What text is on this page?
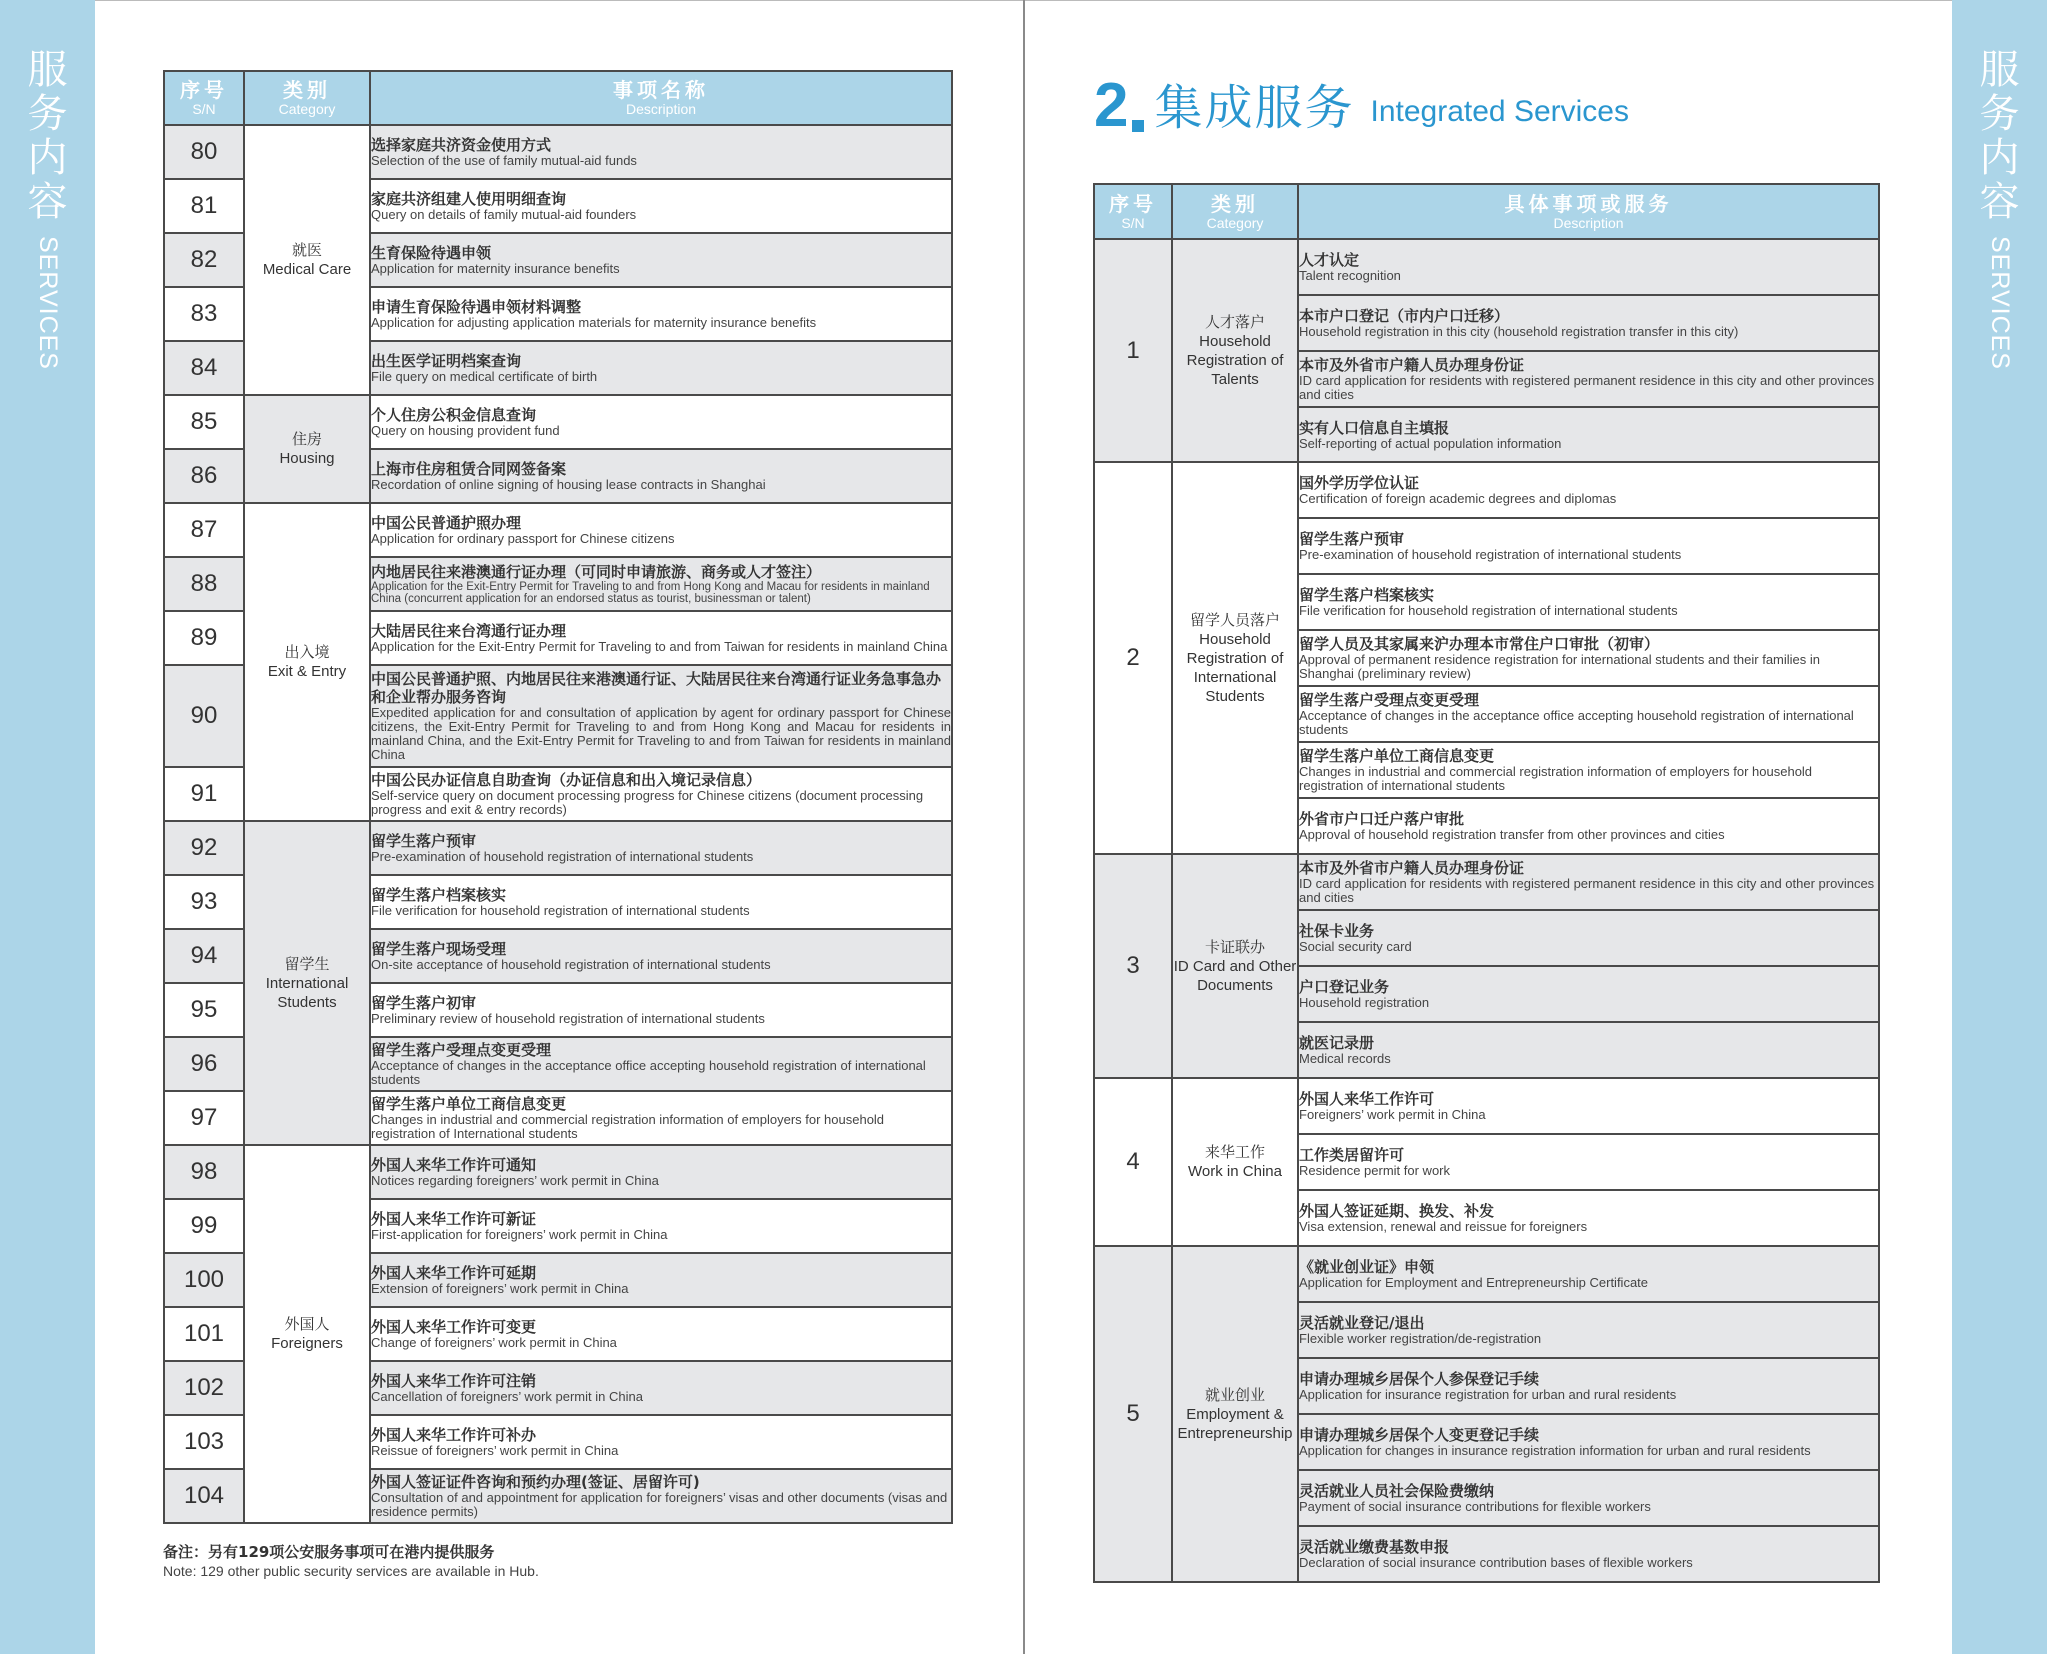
服
务
内
容
SERVICES
服
务
内
容
SERVICES
序号
S/N	类别
Category	事项名称
Description

80	就医
Medical Care	选择家庭共济资金使用方式
Selection of the use of family mutual-aid funds

81		家庭共济组建人使用明细查询
Query on details of family mutual-aid founders

82		生育保险待遇申领
Application for maternity insurance benefits

83		申请生育保险待遇申领材料调整
Application for adjusting application materials for maternity insurance benefits

84		出生医学证明档案查询
File query on medical certificate of birth

85	住房
Housing	个人住房公积金信息查询
Query on housing provident fund

86		上海市住房租赁合同网签备案
Recordation of online signing of housing lease contracts in Shanghai

87	出入境
Exit & Entry	中国公民普通护照办理
Application for ordinary passport for Chinese citizens

88		内地居民往来港澳通行证办理（可同时申请旅游、商务或人才签注）
Application for the Exit-Entry Permit for Traveling to and from Hong Kong and Macau for residents in mainland China (concurrent application for an endorsed status as tourist, businessman or talent)

89		大陆居民往来台湾通行证办理
Application for the Exit-Entry Permit for Traveling to and from Taiwan for residents in mainland China

90		中国公民普通护照、内地居民往来港澳通行证、大陆居民往来台湾通行证业务急事急办和企业帮办服务咨询
Expedited application for and consultation of application by agent for ordinary passport for Chinese citizens, the Exit-Entry Permit for Traveling to and from Hong Kong and Macau for residents in mainland China, and the Exit-Entry Permit for Traveling to and from Taiwan for residents in mainland China

91		中国公民办证信息自助查询（办证信息和出入境记录信息）
Self-service query on document processing progress for Chinese citizens (document processing progress and exit & entry records)

92	留学生
International Students	留学生落户预审
Pre-examination of household registration of international students

93		留学生落户档案核实
File verification for household registration of international students

94		留学生落户现场受理
On-site acceptance of household registration of international students

95		留学生落户初审
Preliminary review of household registration of international students

96		留学生落户受理点变更受理
Acceptance of changes in the acceptance office accepting household registration of international students

97		留学生落户单位工商信息变更
Changes in industrial and commercial registration information of employers for household registration of International students

98	外国人
Foreigners	外国人来华工作许可通知
Notices regarding foreigners’ work permit in China

99		外国人来华工作许可新证
First-application for foreigners’ work permit in China

100		外国人来华工作许可延期
Extension of foreigners’ work permit in China

101		外国人来华工作许可变更
Change of foreigners’ work permit in China

102		外国人来华工作许可注销
Cancellation of foreigners’ work permit in China

103		外国人来华工作许可补办
Reissue of foreigners’ work permit in China

104		外国人签证证件咨询和预约办理(签证、居留许可)
Consultation of and appointment for application for foreigners’ visas and other documents (visas and residence permits)
备注：另有129项公安服务事项可在港内提供服务
Note: 129 other public security services are available in Hub.
2 集成服务 Integrated Services
序号
S/N	类别
Category	具体事项或服务
Description

1	人才落户
Household Registration of Talents	人才认定
Talent recognition

		本市户口登记（市内户口迁移）
Household registration in this city (household registration transfer in this city)

		本市及外省市户籍人员办理身份证
ID card application for residents with registered permanent residence in this city and other provinces and cities

		实有人口信息自主填报
Self-reporting of actual population information

2	留学人员落户
Household Registration of International Students	国外学历学位认证
Certification of foreign academic degrees and diplomas

		留学生落户预审
Pre-examination of household registration of international students

		留学生落户档案核实
File verification for household registration of international students

		留学人员及其家属来沪办理本市常住户口审批（初审）
Approval of permanent residence registration for international students and their families in Shanghai (preliminary review)

		留学生落户受理点变更受理
Acceptance of changes in the acceptance office accepting household registration of international students

		留学生落户单位工商信息变更
Changes in industrial and commercial registration information of employers for household registration of international students

		外省市户口迁户落户审批
Approval of household registration transfer from other provinces and cities

3	卡证联办
ID Card and Other Documents	本市及外省市户籍人员办理身份证
ID card application for residents with registered permanent residence in this city and other provinces and cities

		社保卡业务
Social security card

		户口登记业务
Household registration

		就医记录册
Medical records

4	来华工作
Work in China	外国人来华工作许可
Foreigners’ work permit in China

		工作类居留许可
Residence permit for work

		外国人签证延期、换发、补发
Visa extension, renewal and reissue for foreigners

5	就业创业
Employment & Entrepreneurship	《就业创业证》申领
Application for Employment and Entrepreneurship Certificate

		灵活就业登记/退出
Flexible worker registration/de-registration

		申请办理城乡居保个人参保登记手续
Application for insurance registration for urban and rural residents

		申请办理城乡居保个人变更登记手续
Application for changes in insurance registration information for urban and rural residents

		灵活就业人员社会保险费缴纳
Payment of social insurance contributions for flexible workers

		灵活就业缴费基数申报
Declaration of social insurance contribution bases of flexible workers
